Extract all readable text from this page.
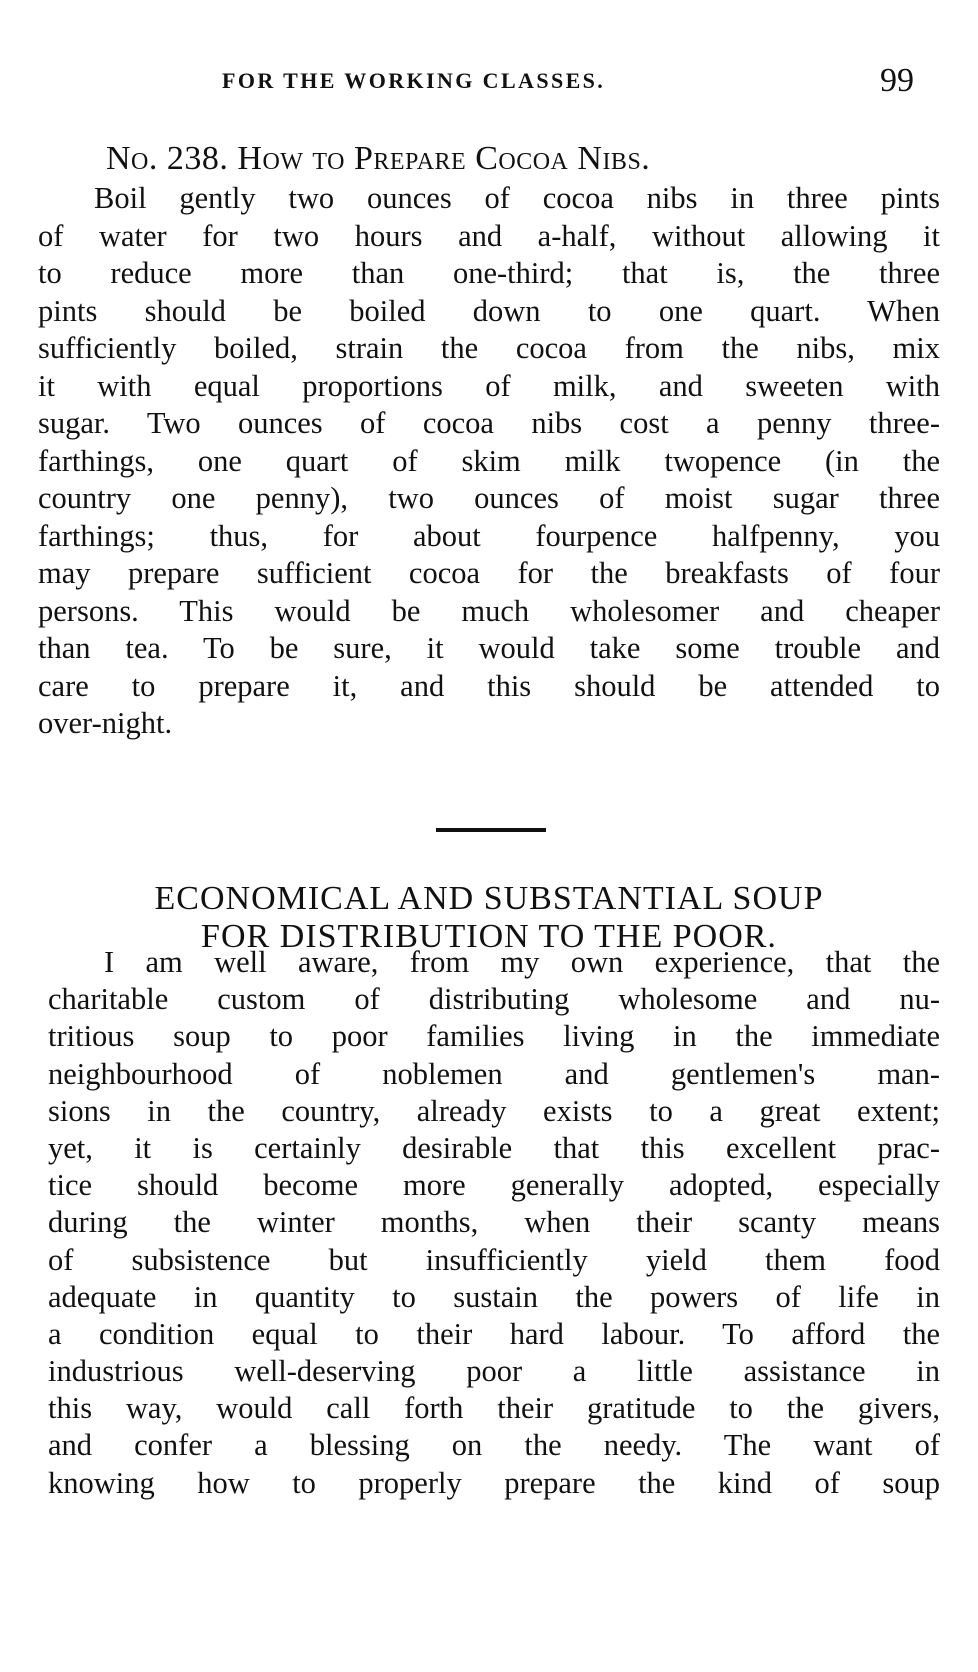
FOR THE WORKING CLASSES.	99
No. 238. How to Prepare Cocoa Nibs.
Boil gently two ounces of cocoa nibs in three pints
of water for two hours and a-half, without allowing it
to reduce more than one-third; that is, the three
pints should be boiled down to one quart. When
sufficiently boiled, strain the cocoa from the nibs, mix
it with equal proportions of milk, and sweeten with
sugar. Two ounces of cocoa nibs cost a penny three-
farthings, one quart of skim milk twopence (in the
country one penny), two ounces of moist sugar three
farthings; thus, for about fourpence halfpenny, you
may prepare sufficient cocoa for the breakfasts of four
persons. This would be much wholesomer and cheaper
than tea. To be sure, it would take some trouble and
care to prepare it, and this should be attended to
over-night.
ECONOMICAL AND SUBSTANTIAL SOUP
FOR DISTRIBUTION TO THE POOR.
I am well aware, from my own experience, that the
charitable custom of distributing wholesome and nu-
tritious soup to poor families living in the immediate
neighbourhood of noblemen and gentlemen's man-
sions in the country, already exists to a great extent;
yet, it is certainly desirable that this excellent prac-
tice should become more generally adopted, especially
during the winter months, when their scanty means
of subsistence but insufficiently yield them food
adequate in quantity to sustain the powers of life in
a condition equal to their hard labour. To afford the
industrious well-deserving poor a little assistance in
this way, would call forth their gratitude to the givers,
and confer a blessing on the needy. The want of
knowing how to properly prepare the kind of soup
